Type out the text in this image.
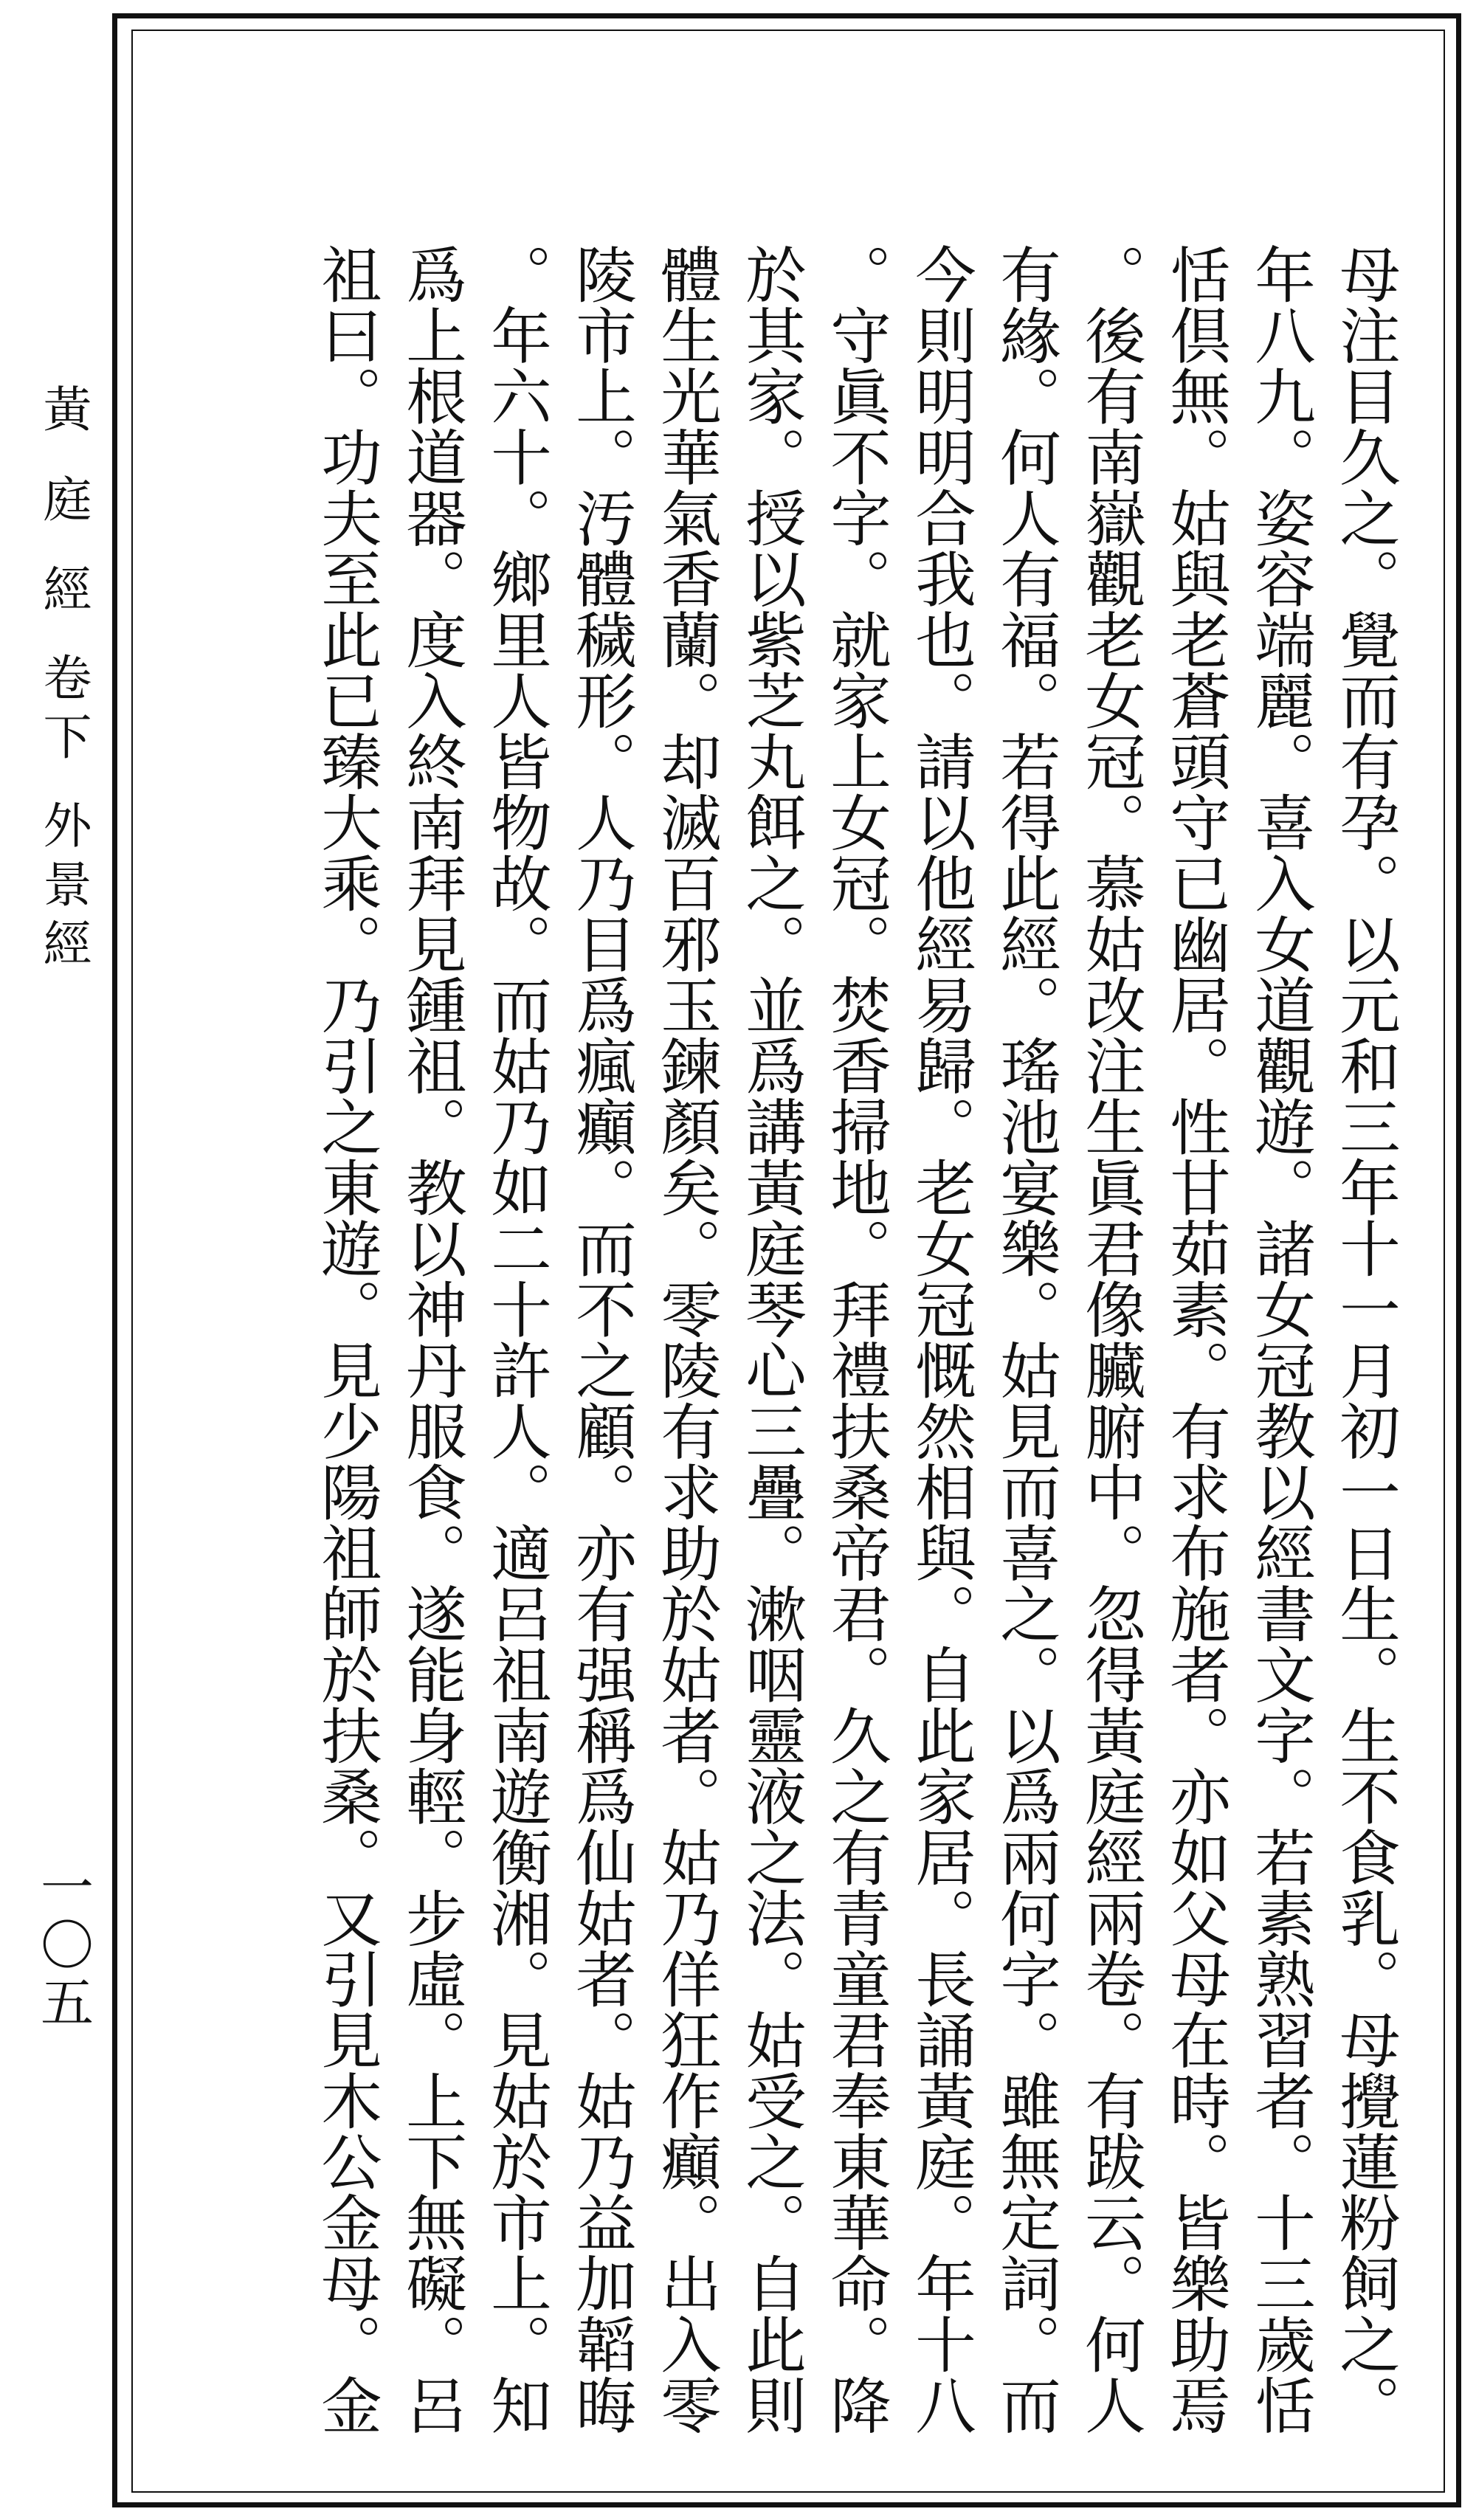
黃庭經卷下外景經
一〇五	母注目久之。覺而有孕。以元和三年十一月初一日生。生不食乳。母攪蓮粉飼之。
年八九。姿容端麗。喜入女道觀遊。諸女冠教以經書文字。若素熟習者。十三歲恬
恬倶無。姑與老蒼頭守已幽居。性甘茹素。有求布施者。亦如父母在時。皆樂助焉
。後有南嶽觀老女冠。慕姑改注生眞君像臟腑中。忽得黃庭經兩卷。有跋云。何人
有緣。何人有福。若得此經。瑤池宴樂。姑見而喜之。以爲兩何字。雖無定詞。而
今則明明合我也。請以他經易歸。老女冠慨然相與。自此家居。長誦黃庭。年十八
。守眞不字。就家上女冠。焚香掃地。拜禮扶桑帝君。久之有青童君奉東華命。降
於其家。授以紫芝丸餌之。並爲講黃庭琴心三疊。漱咽靈液之法。姑受之。自此則
體生光華氣香蘭。却滅百邪玉鍊顏矣。零陵有求助於姑者。姑乃佯狂作癲。出入零
陵市上。汚體穢形。人乃目爲瘋癲。而不之顧。亦有强稱爲仙姑者。姑乃益加韜晦
。年六十。鄉里人皆物故。而姑乃如二十許人。適呂祖南遊衡湘。見姑於市上。知
爲上根道器。度入終南拜見鍾祖。教以神丹服食。遂能身輕。步虛。上下無礙。呂
祖曰。功夫至此已臻大乘。乃引之東遊。見少陽祖師於扶桑。又引見木公金母。金
